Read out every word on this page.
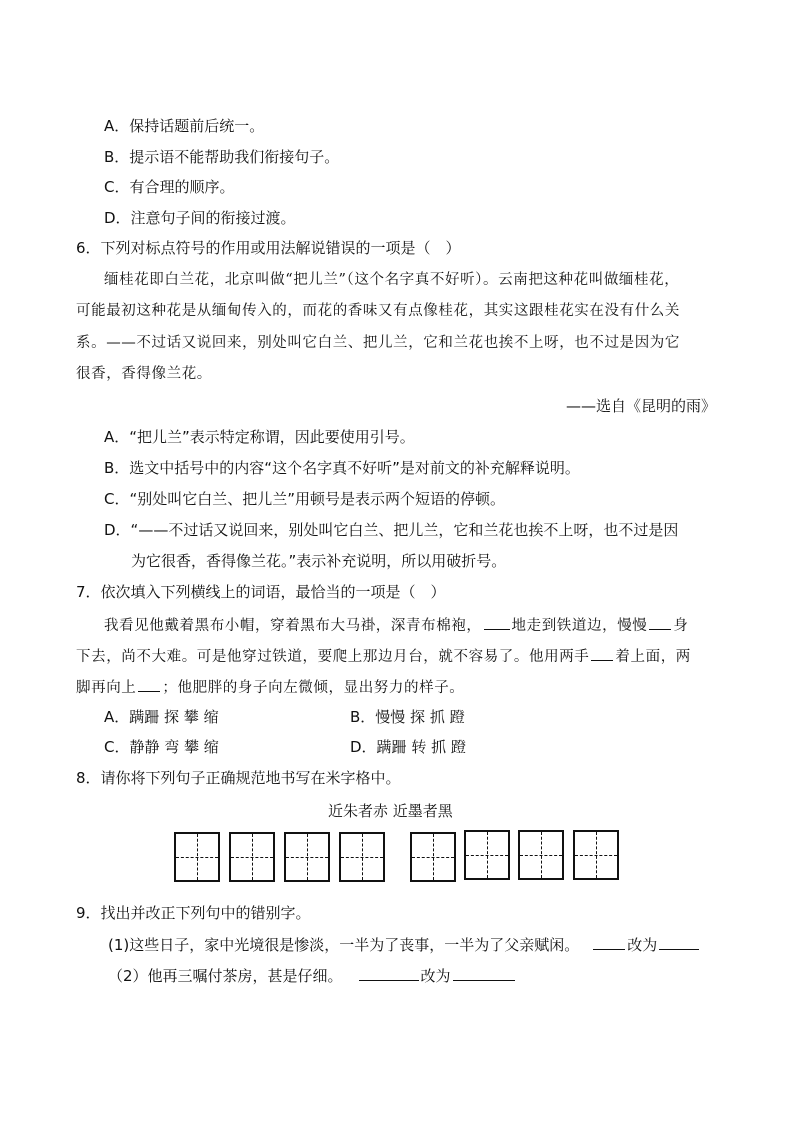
A．保持话题前后统一。
B．提示语不能帮助我们衔接句子。
C．有合理的顺序。
D．注意句子间的衔接过渡。
6．下列对标点符号的作用或用法解说错误的一项是（　）
缅桂花即白兰花，北京叫做“把儿兰”（这个名字真不好听）。云南把这种花叫做缅桂花，
可能最初这种花是从缅甸传入的，而花的香味又有点像桂花，其实这跟桂花实在没有什么关
系。——不过话又说回来，别处叫它白兰、把儿兰，它和兰花也挨不上呀，也不过是因为它
很香，香得像兰花。
——选自《昆明的雨》
A．“把儿兰”表示特定称谓，因此要使用引号。
B．选文中括号中的内容“这个名字真不好听”是对前文的补充解释说明。
C．“别处叫它白兰、把儿兰”用顿号是表示两个短语的停顿。
D．“——不过话又说回来，别处叫它白兰、把儿兰，它和兰花也挨不上呀，也不过是因
为它很香，香得像兰花。”表示补充说明，所以用破折号。
7．依次填入下列横线上的词语，最恰当的一项是（　）
我看见他戴着黑布小帽，穿着黑布大马褂，深青布棉袍， 地走到铁道边，慢慢 身
下去，尚不大难。可是他穿过铁道，要爬上那边月台，就不容易了。他用两手 着上面，两
脚再向上 ；他肥胖的身子向左微倾，显出努力的样子。
A．蹒跚 探 攀 缩	B．慢慢 探 抓 蹬
C．静静 弯 攀 缩	D．蹒跚 转 抓 蹬
8．请你将下列句子正确规范地书写在米字格中。
近朱者赤 近墨者黑
9．找出并改正下列句中的错别字。
(1)这些日子，家中光境很是惨淡，一半为了丧事，一半为了父亲赋闲。	改为
（2）他再三嘱付茶房，甚是仔细。	改为
